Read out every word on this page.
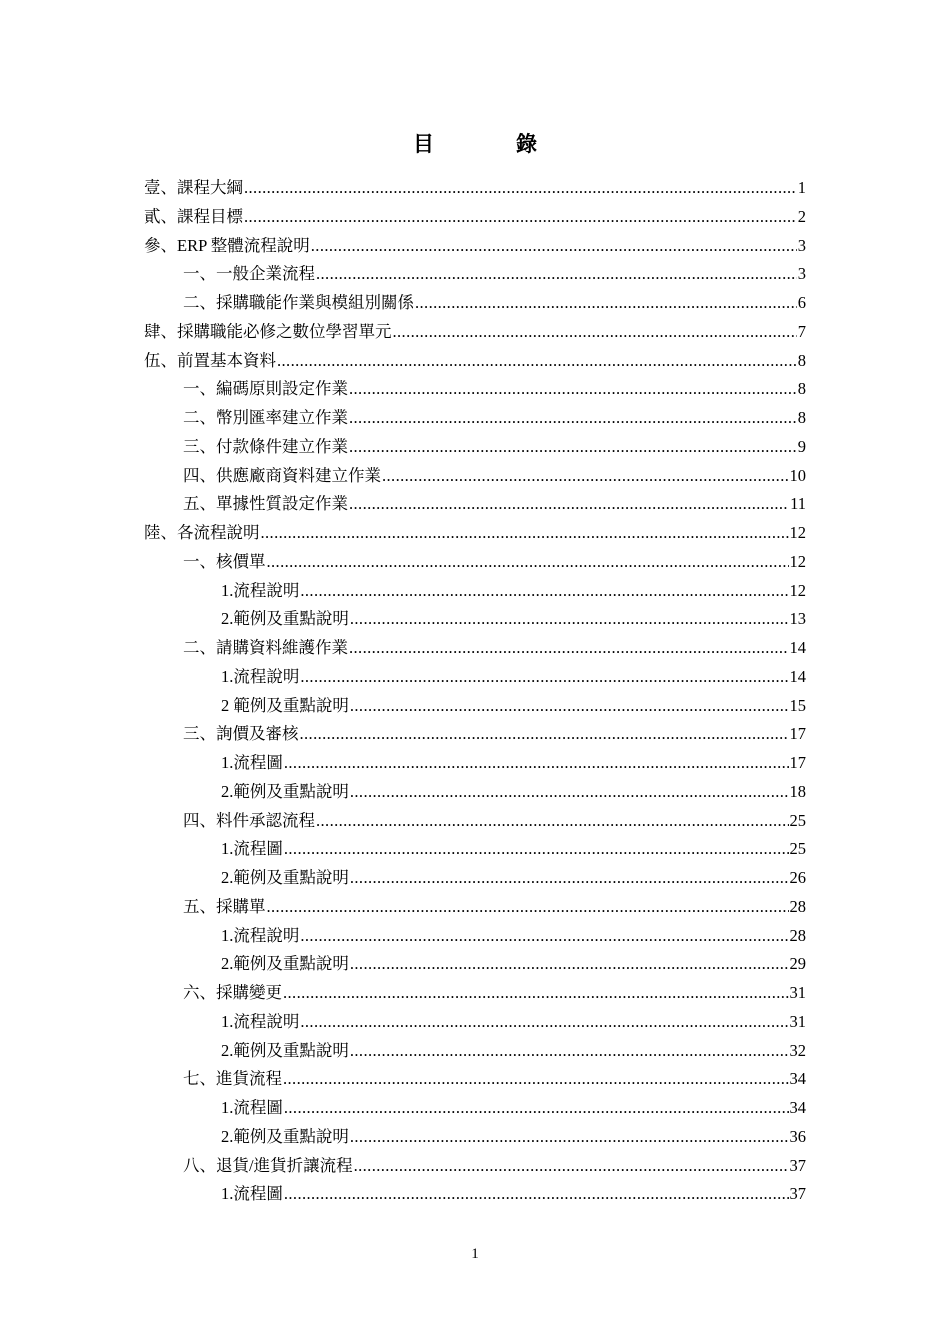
目	錄
壹、課程大綱 .....	1
貳、課程目標 .....	2
參、ERP 整體流程說明 .....	3
一、一般企業流程 .....	3
二、採購職能作業與模組別關係 .....	6
肆、採購職能必修之數位學習單元 .....	7
伍、前置基本資料 .....	8
一、編碼原則設定作業 .....	8
二、幣別匯率建立作業 .....	8
三、付款條件建立作業 .....	9
四、供應廠商資料建立作業 .....	10
五、單據性質設定作業 .....	11
陸、各流程說明 .....	12
一、核價單 .....	12
1.流程說明 .....	12
2.範例及重點說明 .....	13
二、請購資料維護作業 .....	14
1.流程說明 .....	14
2 範例及重點說明 .....	15
三、詢價及審核 .....	17
1.流程圖 .....	17
2.範例及重點說明 .....	18
四、料件承認流程 .....	25
1.流程圖 .....	25
2.範例及重點說明 .....	26
五、採購單 .....	28
1.流程說明 .....	28
2.範例及重點說明 .....	29
六、採購變更 .....	31
1.流程說明 .....	31
2.範例及重點說明 .....	32
七、進貨流程 .....	34
1.流程圖 .....	34
2.範例及重點說明 .....	36
八、退貨/進貨折讓流程 .....	37
1.流程圖 .....	37
1
